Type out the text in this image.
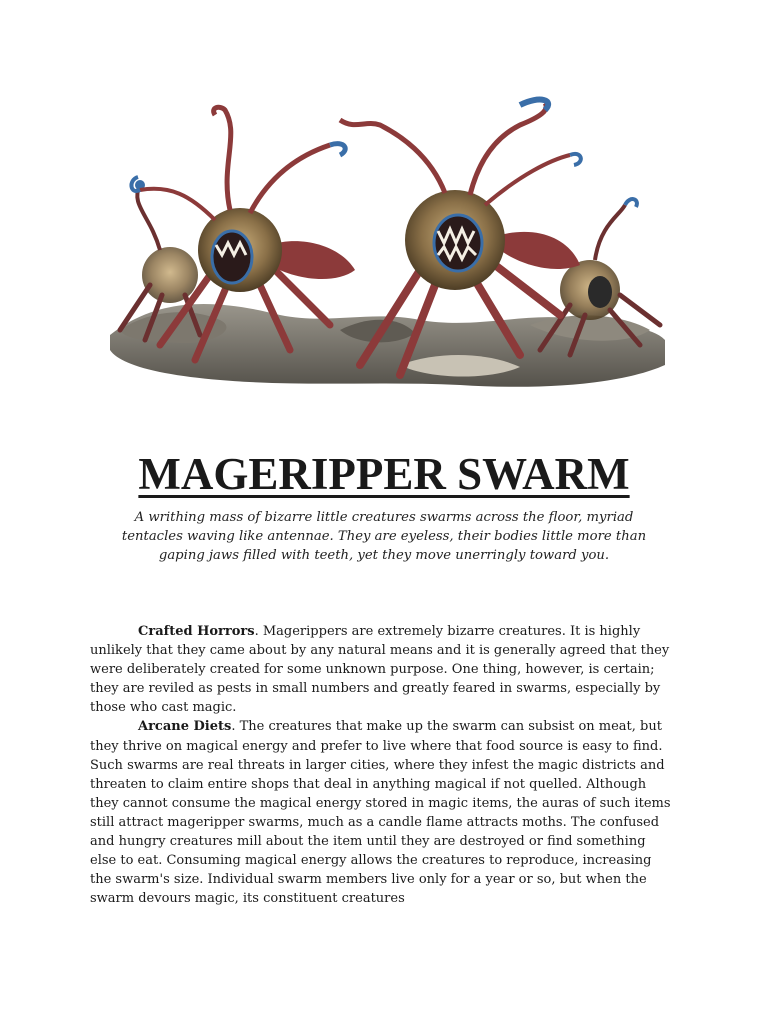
MAGERIPPER SWARM
A writhing mass of bizarre little creatures swarms across the floor, myriad tentacles waving like antennae. They are eyeless, their bodies little more than gaping jaws filled with teeth, yet they move unerringly toward you.

Crafted Horrors. Magerippers are extremely bizarre creatures. It is highly unlikely that they came about by any natural means and it is generally agreed that they were deliberately created for some unknown purpose. One thing, however, is certain; they are reviled as pests in small numbers and greatly feared in swarms, especially by those who cast magic.

Arcane Diets. The creatures that make up the swarm can subsist on meat, but they thrive on magical energy and prefer to live where that food source is easy to find. Such swarms are real threats in larger cities, where they infest the magic districts and threaten to claim entire shops that deal in anything magical if not quelled. Although they cannot consume the magical energy stored in magic items, the auras of such items still attract mageripper swarms, much as a candle flame attracts moths. The confused and hungry creatures mill about the item until they are destroyed or find something else to eat. Consuming magical energy allows the creatures to reproduce, increasing the swarm's size. Individual swarm members live only for a year or so, but when the swarm devours magic, its constituent creatures
